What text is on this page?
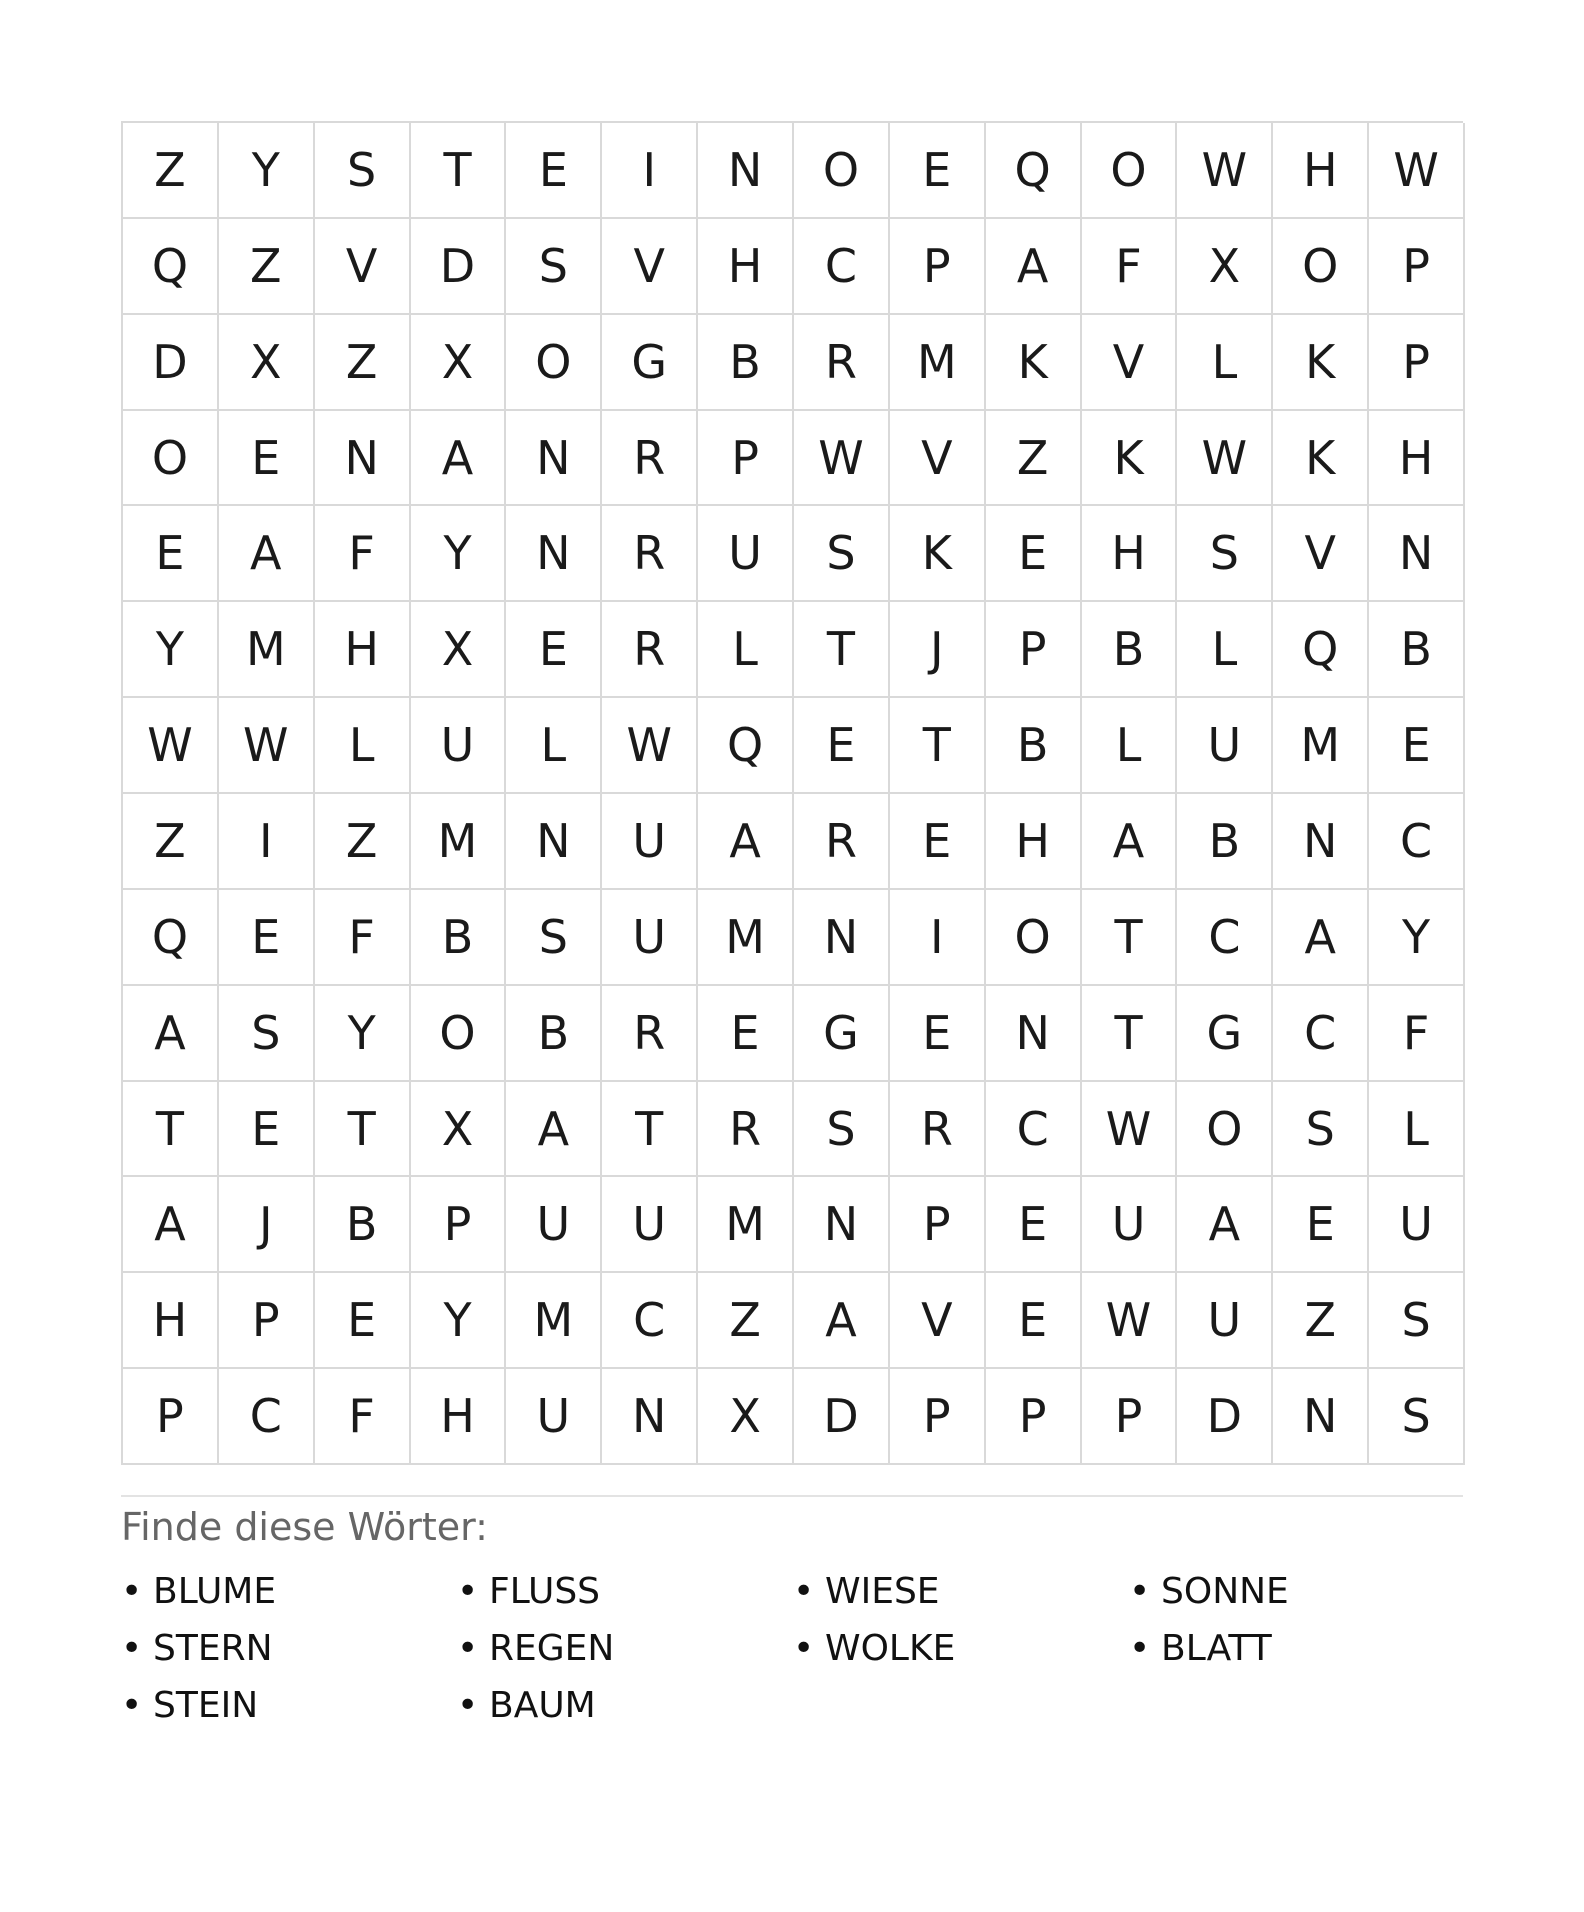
Z	Y	S	T	E	I	N	O	E	Q	O	W	H	W
Q	Z	V	D	S	V	H	C	P	A	F	X	O	P
D	X	Z	X	O	G	B	R	M	K	V	L	K	P
O	E	N	A	N	R	P	W	V	Z	K	W	K	H
E	A	F	Y	N	R	U	S	K	E	H	S	V	N
Y	M	H	X	E	R	L	T	J	P	B	L	Q	B
W	W	L	U	L	W	Q	E	T	B	L	U	M	E
Z	I	Z	M	N	U	A	R	E	H	A	B	N	C
Q	E	F	B	S	U	M	N	I	O	T	C	A	Y
A	S	Y	O	B	R	E	G	E	N	T	G	C	F
T	E	T	X	A	T	R	S	R	C	W	O	S	L
A	J	B	P	U	U	M	N	P	E	U	A	E	U
H	P	E	Y	M	C	Z	A	V	E	W	U	Z	S
P	C	F	H	U	N	X	D	P	P	P	D	N	S
Finde diese Wörter:
• BLUME	• FLUSS	• WIESE	• SONNE
• STERN	• REGEN	• WOLKE	• BLATT
• STEIN	• BAUM
